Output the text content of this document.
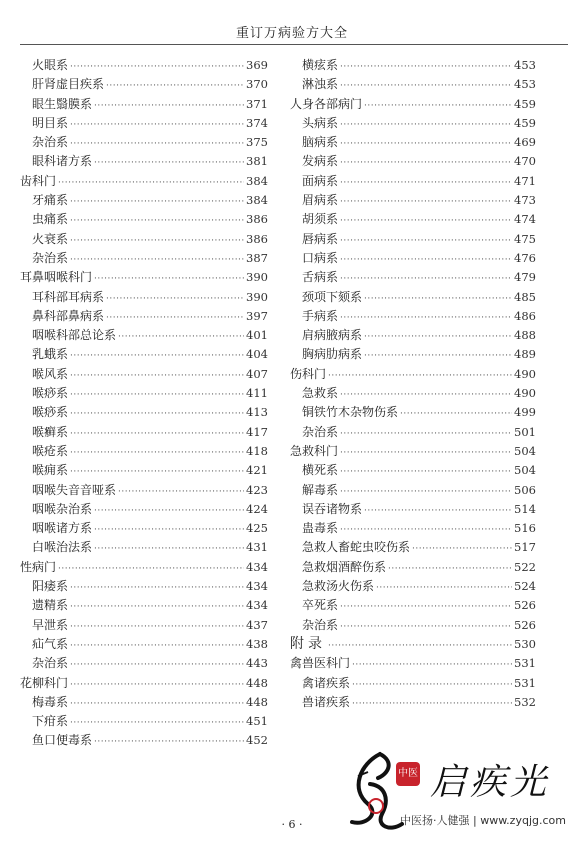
重订万病验方大全
火眼系 ·····	369
肝肾虚目疾系 ·····	370
眼生翳膜系 ·····	371
明目系 ·····	374
杂治系 ·····	375
眼科诸方系 ·····	381
齿科门 ·····	384
牙痛系 ·····	384
虫痛系 ·····	386
火衰系 ·····	386
杂治系 ·····	387
耳鼻咽喉科门 ·····	390
耳科部耳病系 ·····	390
鼻科部鼻病系 ·····	397
咽喉科部总论系 ·····	401
乳蛾系 ·····	404
喉风系 ·····	407
喉痧系 ·····	411
喉痧系 ·····	413
喉癣系 ·····	417
喉疮系 ·····	418
喉痈系 ·····	421
咽喉失音音哑系 ·····	423
咽喉杂治系 ·····	424
咽喉诸方系 ·····	425
白喉治法系 ·····	431
性病门 ·····	434
阳痿系 ·····	434
遗精系 ·····	434
早泄系 ·····	437
疝气系 ·····	438
杂治系 ·····	443
花柳科门 ·····	448
梅毒系 ·····	448
下疳系 ·····	451
鱼口便毒系 ·····	452
横痃系 ·····	453
淋浊系 ·····	453
人身各部病门 ·····	459
头病系 ·····	459
脑病系 ·····	469
发病系 ·····	470
面病系 ·····	471
眉病系 ·····	473
胡须系 ·····	474
唇病系 ·····	475
口病系 ·····	476
舌病系 ·····	479
颈项下颏系 ·····	485
手病系 ·····	486
肩病腋病系 ·····	488
胸病肋病系 ·····	489
伤科门 ·····	490
急救系 ·····	490
铜铁竹木杂物伤系 ·····	499
杂治系 ·····	501
急救科门 ·····	504
横死系 ·····	504
解毒系 ·····	506
误吞诸物系 ·····	514
蛊毒系 ·····	516
急救人畜蛇虫咬伤系 ·····	517
急救烟酒醉伤系 ·····	522
急救汤火伤系 ·····	524
卒死系 ·····	526
杂治系 ·····	526
附录 ·····	530
禽兽医科门 ·····	531
禽诸疾系 ·····	531
兽诸疾系 ·····	532
· 6 ·
中医 启疾光
中医扬·人健强 | www.zyqjg.com
